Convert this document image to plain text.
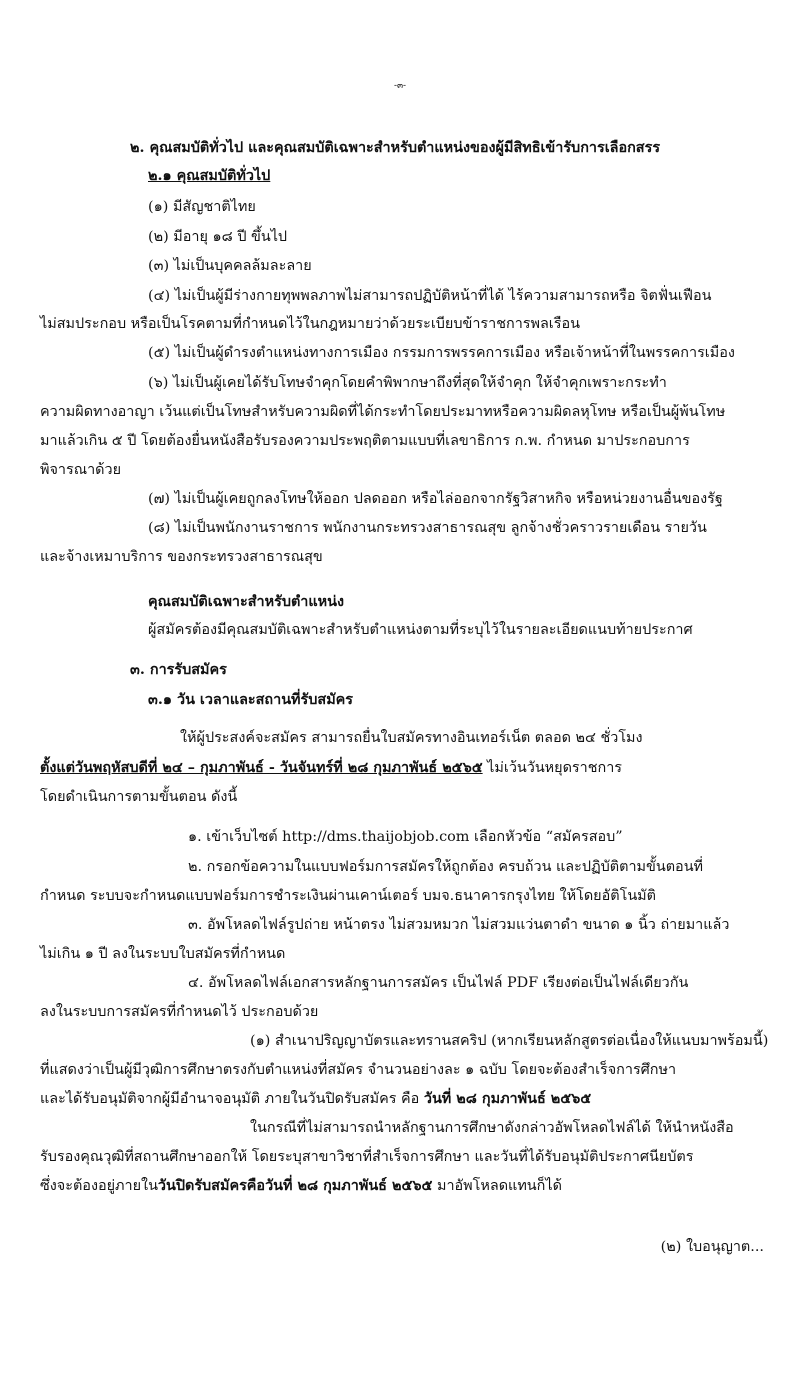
-๓-
๒. คุณสมบัติทั่วไป และคุณสมบัติเฉพาะสำหรับตำแหน่งของผู้มีสิทธิเข้ารับการเลือกสรร
๒.๑ คุณสมบัติทั่วไป
(๑) มีสัญชาติไทย
(๒) มีอายุ ๑๘ ปี ขึ้นไป
(๓) ไม่เป็นบุคคลล้มละลาย
(๔) ไม่เป็นผู้มีร่างกายทุพพลภาพไม่สามารถปฏิบัติหน้าที่ได้ ไร้ความสามารถหรือ จิตฟั่นเฟือน
ไม่สมประกอบ หรือเป็นโรคตามที่กำหนดไว้ในกฎหมายว่าด้วยระเบียบข้าราชการพลเรือน
(๕) ไม่เป็นผู้ดำรงตำแหน่งทางการเมือง กรรมการพรรคการเมือง หรือเจ้าหน้าที่ในพรรคการเมือง
(๖) ไม่เป็นผู้เคยได้รับโทษจำคุกโดยคำพิพากษาถึงที่สุดให้จำคุก ให้จำคุกเพราะกระทำ
ความผิดทางอาญา เว้นแต่เป็นโทษสำหรับความผิดที่ได้กระทำโดยประมาทหรือความผิดลหุโทษ หรือเป็นผู้พ้นโทษ
มาแล้วเกิน ๕ ปี โดยต้องยื่นหนังสือรับรองความประพฤติตามแบบที่เลขาธิการ ก.พ. กำหนด มาประกอบการ
พิจารณาด้วย
(๗) ไม่เป็นผู้เคยถูกลงโทษให้ออก ปลดออก หรือไล่ออกจากรัฐวิสาหกิจ หรือหน่วยงานอื่นของรัฐ
(๘) ไม่เป็นพนักงานราชการ พนักงานกระทรวงสาธารณสุข ลูกจ้างชั่วคราวรายเดือน รายวัน
และจ้างเหมาบริการ ของกระทรวงสาธารณสุข
คุณสมบัติเฉพาะสำหรับตำแหน่ง
ผู้สมัครต้องมีคุณสมบัติเฉพาะสำหรับตำแหน่งตามที่ระบุไว้ในรายละเอียดแนบท้ายประกาศ
๓. การรับสมัคร
๓.๑ วัน เวลาและสถานที่รับสมัคร
ให้ผู้ประสงค์จะสมัคร สามารถยื่นใบสมัครทางอินเทอร์เน็ต ตลอด ๒๔ ชั่วโมง
ตั้งแต่วันพฤหัสบดีที่ ๒๔ – กุมภาพันธ์ - วันจันทร์ที่ ๒๘ กุมภาพันธ์ ๒๕๖๕ ไม่เว้นวันหยุดราชการ
โดยดำเนินการตามขั้นตอน ดังนี้
๑. เข้าเว็บไซต์ http://dms.thaijobjob.com เลือกหัวข้อ “สมัครสอบ”
๒. กรอกข้อความในแบบฟอร์มการสมัครให้ถูกต้อง ครบถ้วน และปฏิบัติตามขั้นตอนที่
กำหนด ระบบจะกำหนดแบบฟอร์มการชำระเงินผ่านเคาน์เตอร์ บมจ.ธนาคารกรุงไทย ให้โดยอัติโนมัติ
๓. อัพโหลดไฟล์รูปถ่าย หน้าตรง ไม่สวมหมวก ไม่สวมแว่นตาดำ ขนาด ๑ นิ้ว ถ่ายมาแล้ว
ไม่เกิน ๑ ปี ลงในระบบใบสมัครที่กำหนด
๔. อัพโหลดไฟล์เอกสารหลักฐานการสมัคร เป็นไฟล์ PDF เรียงต่อเป็นไฟล์เดียวกัน
ลงในระบบการสมัครที่กำหนดไว้ ประกอบด้วย
(๑) สำเนาปริญญาบัตรและทรานสคริป (หากเรียนหลักสูตรต่อเนื่องให้แนบมาพร้อมนี้)
ที่แสดงว่าเป็นผู้มีวุฒิการศึกษาตรงกับตำแหน่งที่สมัคร จำนวนอย่างละ ๑ ฉบับ โดยจะต้องสำเร็จการศึกษา
และได้รับอนุมัติจากผู้มีอำนาจอนุมัติ ภายในวันปิดรับสมัคร คือ วันที่ ๒๘ กุมภาพันธ์ ๒๕๖๕
ในกรณีที่ไม่สามารถนำหลักฐานการศึกษาดังกล่าวอัพโหลดไฟล์ได้ ให้นำหนังสือ
รับรองคุณวุฒิที่สถานศึกษาออกให้ โดยระบุสาขาวิชาที่สำเร็จการศึกษา และวันที่ได้รับอนุมัติประกาศนียบัตร
ซึ่งจะต้องอยู่ภายในวันปิดรับสมัครคือวันที่ ๒๘ กุมภาพันธ์ ๒๕๖๕ มาอัพโหลดแทนก็ได้
(๒) ใบอนุญาต...
